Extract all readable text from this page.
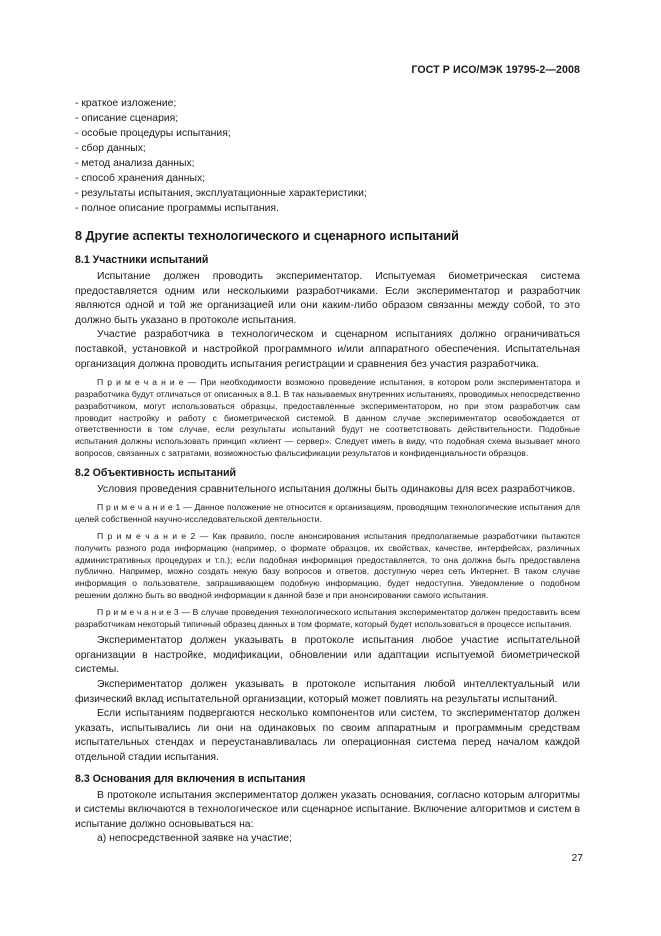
ГОСТ Р ИСО/МЭК 19795-2—2008
- краткое изложение;
- описание сценария;
- особые процедуры испытания;
- сбор данных;
- метод анализа данных;
- способ хранения данных;
- результаты испытания, эксплуатационные характеристики;
- полное описание программы испытания.
8 Другие аспекты технологического и сценарного испытаний
8.1 Участники испытаний

Испытание должен проводить экспериментатор. Испытуемая биометрическая система предоставляется одним или несколькими разработчиками. Если экспериментатор и разработчик являются одной и той же организацией или они каким-либо образом связанны между собой, то это должно быть указано в протоколе испытания.

Участие разработчика в технологическом и сценарном испытаниях должно ограничиваться поставкой, установкой и настройкой программного и/или аппаратного обеспечения. Испытательная организация должна проводить испытания регистрации и сравнения без участия разработчика.

П р и м е ч а н и е — При необходимости возможно проведение испытания, в котором роли экспериментатора и разработчика будут отличаться от описанных в 8.1. В так называемых внутренних испытаниях, проводимых непосредственно разработчиком, могут использоваться образцы, предоставленные экспериментатором, но при этом разработчик сам проводит настройку и работу с биометрической системой. В данном случае экспериментатор освобождается от ответственности в том случае, если результаты испытаний будут не соответствовать действительности. Подобные испытания должны использовать принцип «клиент — сервер». Следует иметь в виду, что подобная схема вызывает много вопросов, связанных с затратами, возможностью фальсификации результатов и конфиденциальности образцов.

8.2 Объективность испытаний

Условия проведения сравнительного испытания должны быть одинаковы для всех разработчиков.

П р и м е ч а н и е 1 — Данное положение не относится к организациям, проводящим технологические испытания для целей собственной научно-исследовательской деятельности.

П р и м е ч а н и е 2 — Как правило, после анонсирования испытания предполагаемые разработчики пытаются получить разного рода информацию (например, о формате образцов, их свойствах, качестве, интерфейсах, различных административных процедурах и т.п.); если подобная информация предоставляется, то она должна быть предоставлена публично. Например, можно создать некую базу вопросов и ответов, доступную через сеть Интернет. В таком случае информация о пользователе, запрашивающем подобную информацию, будет недоступна. Уведомление о подобном решении должно быть во вводной информации к данной базе и при анонсировании самого испытания.

П р и м е ч а н и е 3 — В случае проведения технологического испытания экспериментатор должен предоставить всем разработчикам некоторый типичный образец данных в том формате, который будет использоваться в процессе испытания.

Экспериментатор должен указывать в протоколе испытания любое участие испытательной организации в настройке, модификации, обновлении или адаптации испытуемой биометрической системы.

Экспериментатор должен указывать в протоколе испытания любой интеллектуальный или физический вклад испытательной организации, который может повлиять на результаты испытаний.

Если испытаниям подвергаются несколько компонентов или систем, то экспериментатор должен указать, испытывались ли они на одинаковых по своим аппаратным и программным средствам испытательных стендах и переустанавливалась ли операционная система перед началом каждой отдельной стадии испытания.

8.3 Основания для включения в испытания

В протоколе испытания экспериментатор должен указать основания, согласно которым алгоритмы и системы включаются в технологическое или сценарное испытание. Включение алгоритмов и систем в испытание должно основываться на:

а) непосредственной заявке на участие;

27
